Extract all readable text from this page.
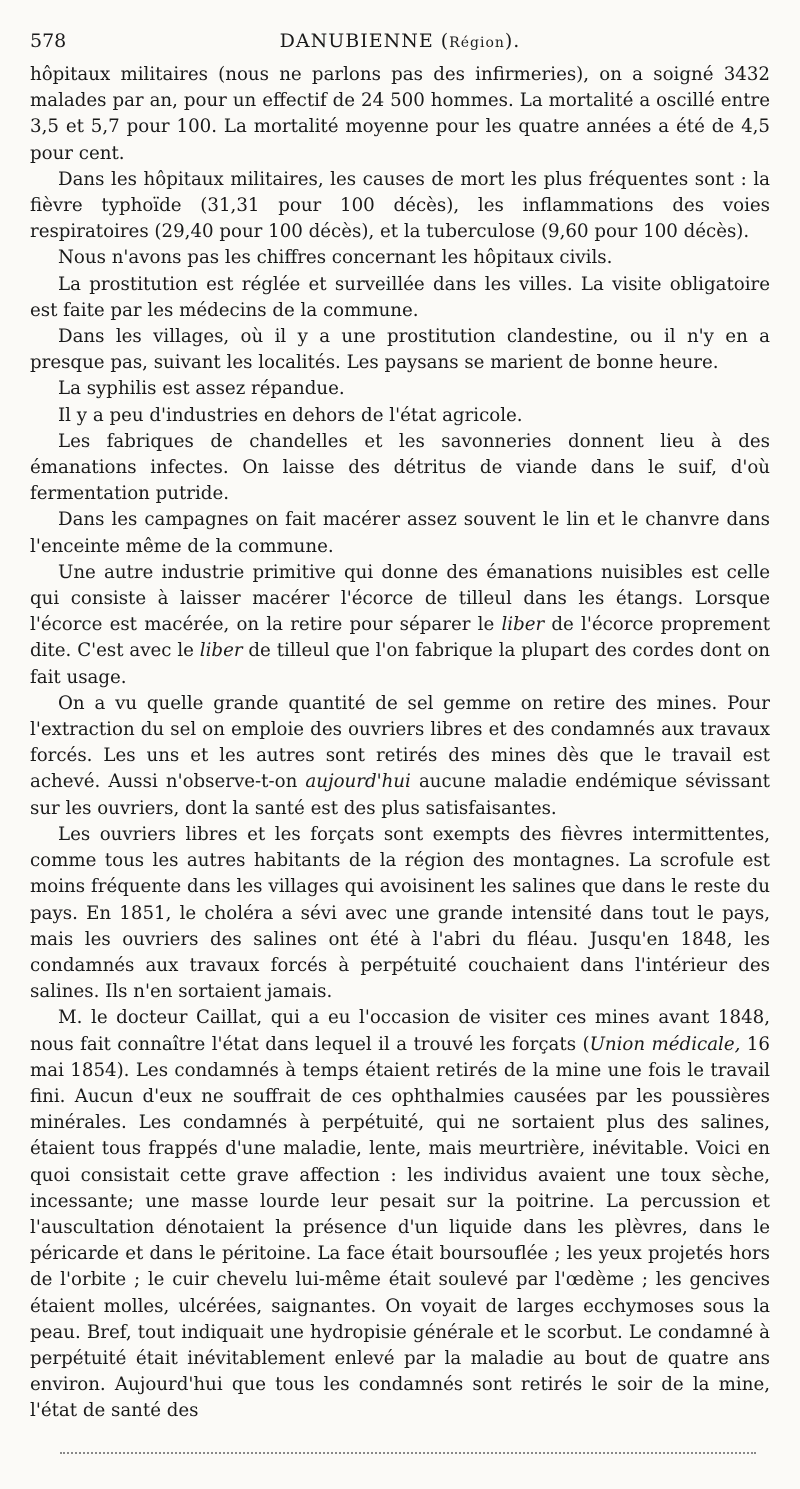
578	DANUBIENNE (Région).

hôpitaux militaires (nous ne parlons pas des infirmeries), on a soigné 3432 malades par an, pour un effectif de 24 500 hommes. La mortalité a oscillé entre 3,5 et 5,7 pour 100. La mortalité moyenne pour les quatre années a été de 4,5 pour cent.

Dans les hôpitaux militaires, les causes de mort les plus fréquentes sont : la fièvre typhoïde (31,31 pour 100 décès), les inflammations des voies respiratoires (29,40 pour 100 décès), et la tuberculose (9,60 pour 100 décès).

Nous n'avons pas les chiffres concernant les hôpitaux civils.

La prostitution est réglée et surveillée dans les villes. La visite obligatoire est faite par les médecins de la commune.

Dans les villages, où il y a une prostitution clandestine, ou il n'y en a presque pas, suivant les localités. Les paysans se marient de bonne heure.

La syphilis est assez répandue.

Il y a peu d'industries en dehors de l'état agricole.

Les fabriques de chandelles et les savonneries donnent lieu à des émanations infectes. On laisse des détritus de viande dans le suif, d'où fermentation putride.

Dans les campagnes on fait macérer assez souvent le lin et le chanvre dans l'enceinte même de la commune.

Une autre industrie primitive qui donne des émanations nuisibles est celle qui consiste à laisser macérer l'écorce de tilleul dans les étangs. Lorsque l'écorce est macérée, on la retire pour séparer le liber de l'écorce proprement dite. C'est avec le liber de tilleul que l'on fabrique la plupart des cordes dont on fait usage.

On a vu quelle grande quantité de sel gemme on retire des mines. Pour l'extraction du sel on emploie des ouvriers libres et des condamnés aux travaux forcés. Les uns et les autres sont retirés des mines dès que le travail est achevé. Aussi n'observe-t-on aujourd'hui aucune maladie endémique sévissant sur les ouvriers, dont la santé est des plus satisfaisantes.

Les ouvriers libres et les forçats sont exempts des fièvres intermittentes, comme tous les autres habitants de la région des montagnes. La scrofule est moins fréquente dans les villages qui avoisinent les salines que dans le reste du pays. En 1851, le choléra a sévi avec une grande intensité dans tout le pays, mais les ouvriers des salines ont été à l'abri du fléau. Jusqu'en 1848, les condamnés aux travaux forcés à perpétuité couchaient dans l'intérieur des salines. Ils n'en sortaient jamais.

M. le docteur Caillat, qui a eu l'occasion de visiter ces mines avant 1848, nous fait connaître l'état dans lequel il a trouvé les forçats (Union médicale, 16 mai 1854). Les condamnés à temps étaient retirés de la mine une fois le travail fini. Aucun d'eux ne souffrait de ces ophthalmies causées par les poussières minérales. Les condamnés à perpétuité, qui ne sortaient plus des salines, étaient tous frappés d'une maladie, lente, mais meurtrière, inévitable. Voici en quoi consistait cette grave affection : les individus avaient une toux sèche, incessante; une masse lourde leur pesait sur la poitrine. La percussion et l'auscultation dénotaient la présence d'un liquide dans les plèvres, dans le péricarde et dans le péritoine. La face était boursouflée ; les yeux projetés hors de l'orbite ; le cuir chevelu lui-même était soulevé par l'œdème ; les gencives étaient molles, ulcérées, saignantes. On voyait de larges ecchymoses sous la peau. Bref, tout indiquait une hydropisie générale et le scorbut. Le condamné à perpétuité était inévitablement enlevé par la maladie au bout de quatre ans environ. Aujourd'hui que tous les condamnés sont retirés le soir de la mine, l'état de santé des
